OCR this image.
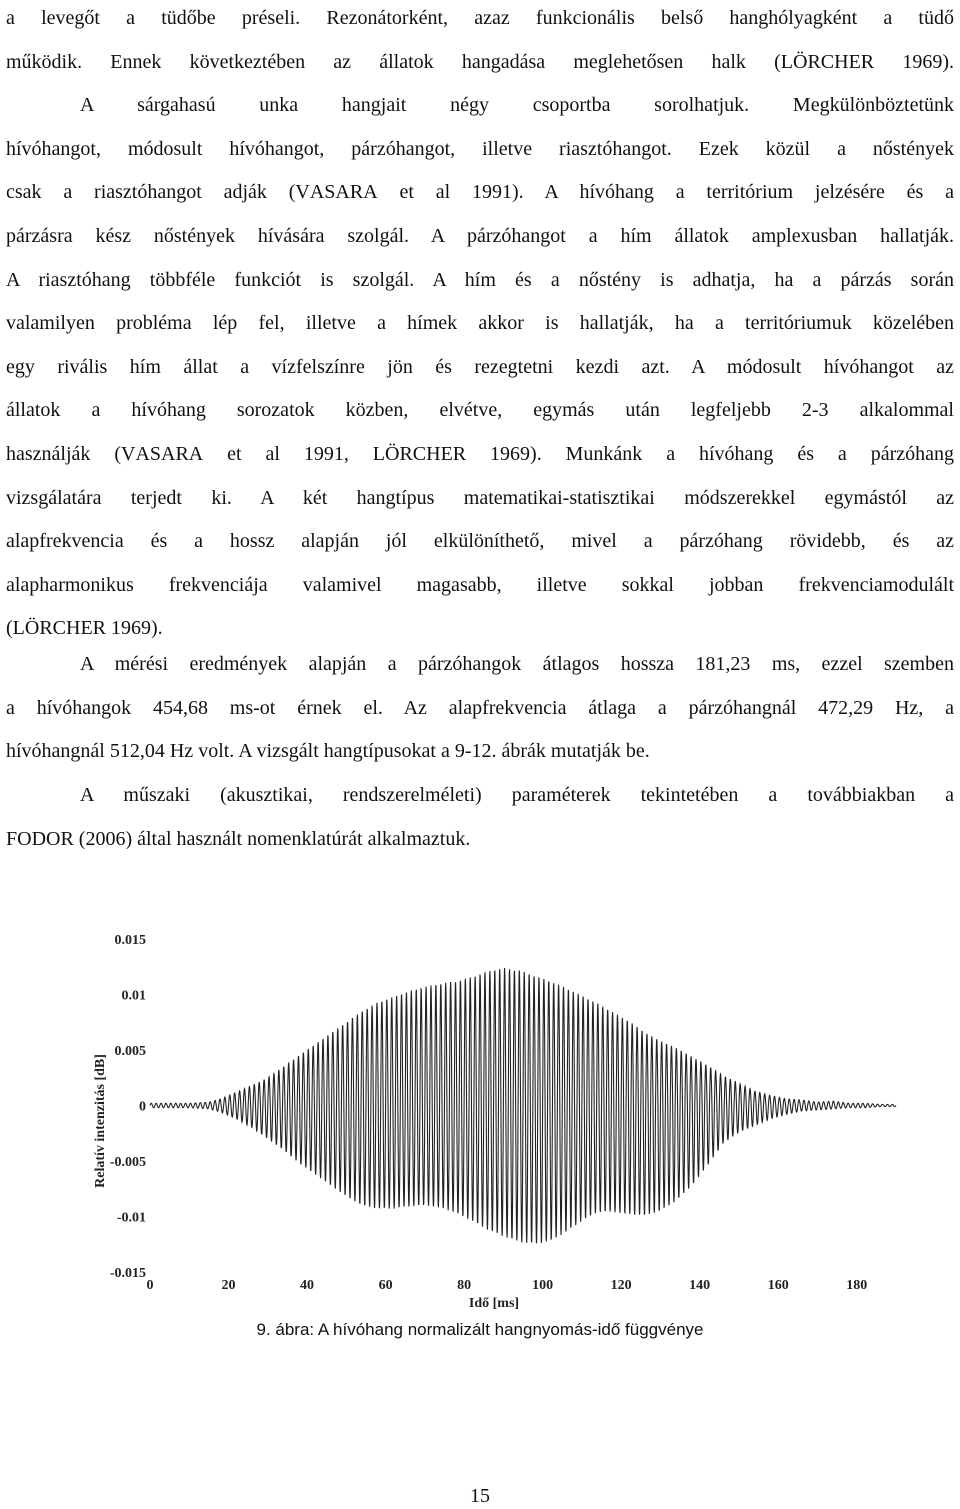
a levegőt a tüdőbe préseli. Rezonátorként, azaz funkcionális belső hanghólyagként a tüdő
működik. Ennek következtében az állatok hangadása meglehetősen halk (LÖRCHER 1969).
A sárgahasú unka hangjait négy csoportba sorolhatjuk. Megkülönböztetünk
hívóhangot, módosult hívóhangot, párzóhangot, illetve riasztóhangot. Ezek közül a nőstények
csak a riasztóhangot adják (VASARA et al 1991). A hívóhang a territórium jelzésére és a
párzásra kész nőstények hívására szolgál. A párzóhangot a hím állatok amplexusban hallatják.
A riasztóhang többféle funkciót is szolgál. A hím és a nőstény is adhatja, ha a párzás során
valamilyen probléma lép fel, illetve a hímek akkor is hallatják, ha a territóriumuk közelében
egy rivális hím állat a vízfelszínre jön és rezegtetni kezdi azt. A módosult hívóhangot az
állatok a hívóhang sorozatok közben, elvétve, egymás után legfeljebb 2-3 alkalommal
használják (VASARA et al 1991, LÖRCHER 1969). Munkánk a hívóhang és a párzóhang
vizsgálatára terjedt ki. A két hangtípus matematikai-statisztikai módszerekkel egymástól az
alapfrekvencia és a hossz alapján jól elkülöníthető, mivel a párzóhang rövidebb, és az
alapharmonikus frekvenciája valamivel magasabb, illetve sokkal jobban frekvenciamodulált
(LÖRCHER 1969).
A mérési eredmények alapján a párzóhangok átlagos hossza 181,23 ms, ezzel szemben
a hívóhangok 454,68 ms-ot érnek el. Az alapfrekvencia átlaga a párzóhangnál 472,29 Hz, a
hívóhangnál 512,04 Hz volt. A vizsgált hangtípusokat a 9-12. ábrák mutatják be.
A műszaki (akusztikai, rendszerelméleti) paraméterek tekintetében a továbbiakban a
FODOR (2006) által használt nomenklatúrát alkalmaztuk.
0.015
0.01
0.005
0
-0.005
-0.01
-0.015
0	20	40	60	80	100	120	140	160	180
Relatív intenzitás [dB]
Idő [ms]
9. ábra: A hívóhang normalizált hangnyomás-idő függvénye
15
